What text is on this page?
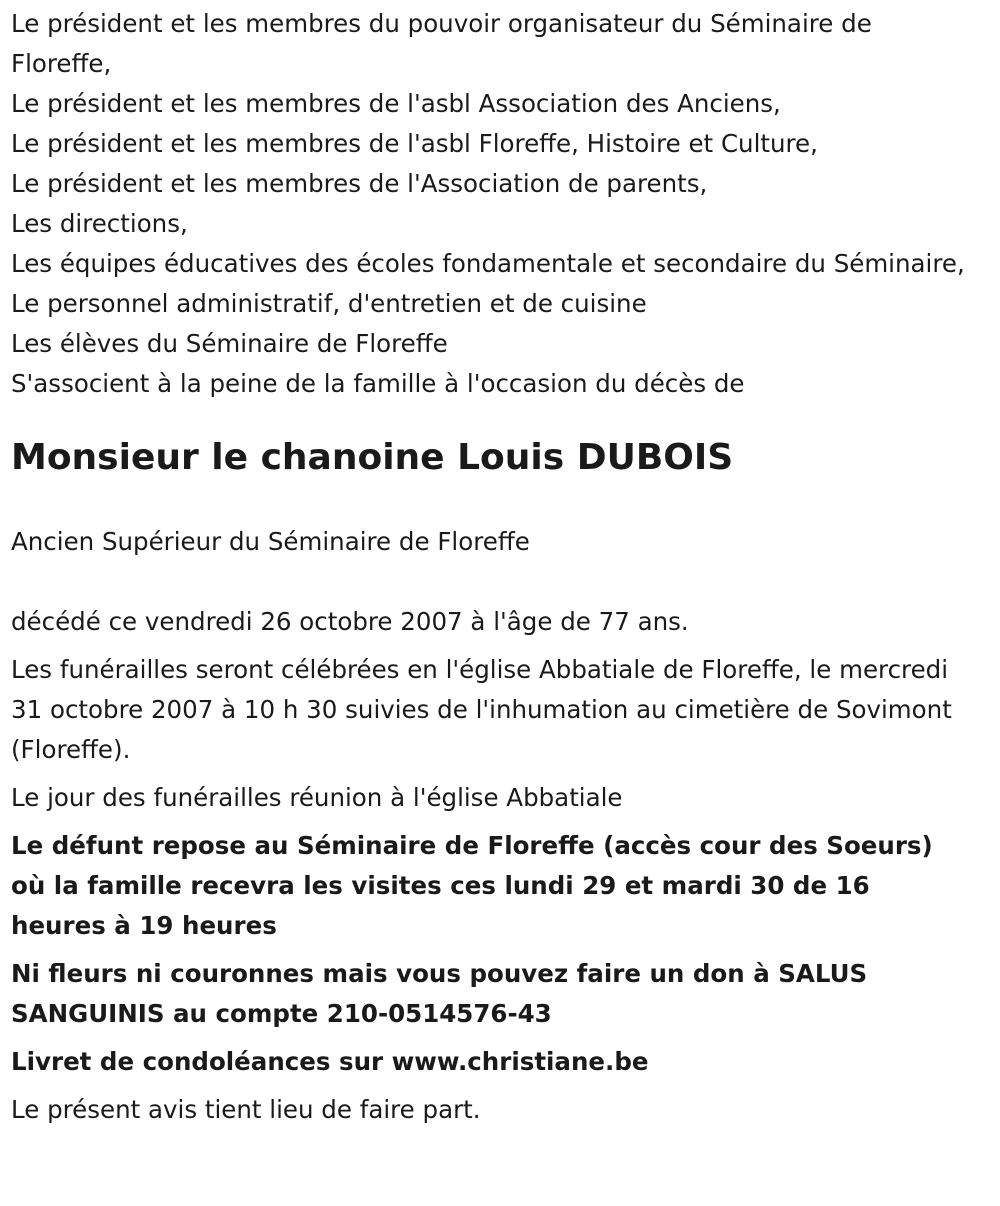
Le président et les membres du pouvoir organisateur du Séminaire de Floreffe,
Le président et les membres de l'asbl Association des Anciens,
Le président et les membres de l'asbl Floreffe, Histoire et Culture,
Le président et les membres de l'Association de parents,
Les directions,
Les équipes éducatives des écoles fondamentale et secondaire du Séminaire,
Le personnel administratif, d'entretien et de cuisine
Les élèves du Séminaire de Floreffe
S'associent à la peine de la famille à l'occasion du décès de
Monsieur le chanoine Louis DUBOIS

Ancien Supérieur du Séminaire de Floreffe

décédé ce vendredi 26 octobre 2007 à l'âge de 77 ans.

Les funérailles seront célébrées en l'église Abbatiale de Floreffe, le mercredi 31 octobre 2007 à 10 h 30 suivies de l'inhumation au cimetière de Sovimont (Floreffe).

Le jour des funérailles réunion à l'église Abbatiale

Le défunt repose au Séminaire de Floreffe (accès cour des Soeurs) où la famille recevra les visites ces lundi 29 et mardi 30 de 16 heures à 19 heures

Ni fleurs ni couronnes mais vous pouvez faire un don à SALUS SANGUINIS au compte 210-0514576-43

Livret de condoléances sur www.christiane.be

Le présent avis tient lieu de faire part.
